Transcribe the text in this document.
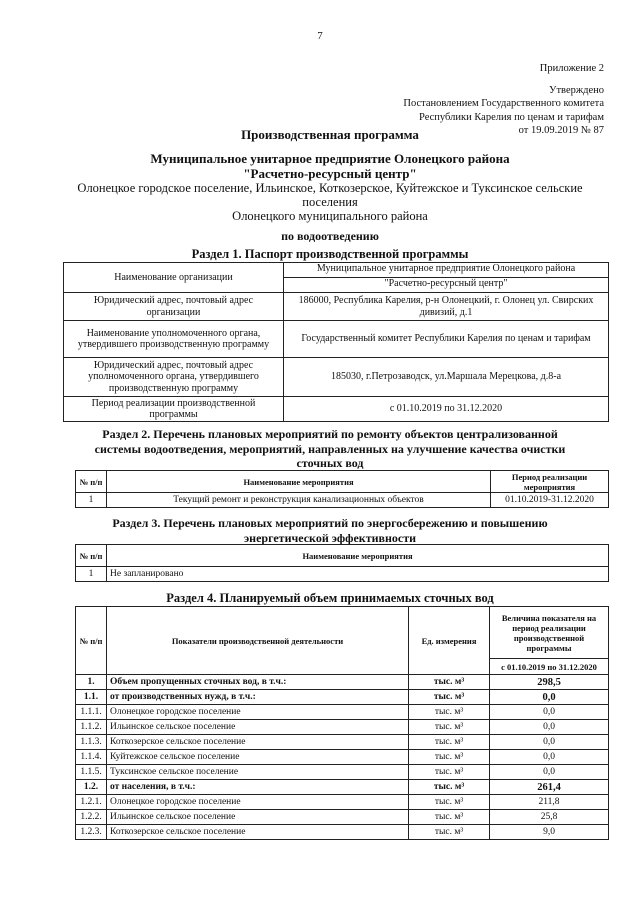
7
Приложение 2
Утверждено
Постановлением Государственного комитета
Республики Карелия по ценам и тарифам
от 19.09.2019 № 87
Производственная программа
Муниципальное унитарное предприятие Олонецкого района
"Расчетно-ресурсный центр"
Олонецкое городское поселение, Ильинское, Коткозерское, Куйтежское и Туксинское сельские
поселения
Олонецкого муниципального района
по водоотведению
Раздел 1. Паспорт производственной программы
Наименование организации	Муниципальное унитарное предприятие Олонецкого района
"Расчетно-ресурсный центр"

Юридический адрес, почтовый адрес организации	186000, Республика Карелия, р-н Олонецкий, г. Олонец ул. Свирских дивизий, д.1
Наименование уполномоченного органа, утвердившего производственную программу	Государственный комитет Республики Карелия по ценам и тарифам
Юридический адрес, почтовый адрес уполномоченного органа, утвердившего производственную программу	185030, г.Петрозаводск, ул.Маршала Мерецкова, д.8-а
Период реализации производственной программы	с 01.10.2019 по 31.12.2020
Раздел 2. Перечень плановых мероприятий по ремонту объектов централизованной
системы водоотведения, мероприятий, направленных на улучшение качества очистки
сточных вод
№ п/п	Наименование мероприятия	Период реализации мероприятия
1	Текущий ремонт и реконструкция канализационных объектов	01.10.2019-31.12.2020
Раздел 3. Перечень плановых мероприятий по энергосбережению и повышению
энергетической эффективности
№ п/п	Наименование мероприятия
1	Не запланировано
Раздел 4. Планируемый объем принимаемых сточных вод
№ п/п	Показатели производственной деятельности	Ед. измерения	Величина показателя на период реализации производственной программы
			с 01.10.2019 по 31.12.2020
1.	Объем пропущенных сточных вод, в т.ч.:	тыс. м³	298,5
1.1.	от производственных нужд, в т.ч.:	тыс. м³	0,0
1.1.1.	Олонецкое городское поселение	тыс. м³	0,0
1.1.2.	Ильинское сельское поселение	тыс. м³	0,0
1.1.3.	Коткозерское сельское поселение	тыс. м³	0,0
1.1.4.	Куйтежское сельское поселение	тыс. м³	0,0
1.1.5.	Туксинское сельское поселение	тыс. м³	0,0
1.2.	от населения, в т.ч.:	тыс. м³	261,4
1.2.1.	Олонецкое городское поселение	тыс. м³	211,8
1.2.2.	Ильинское сельское поселение	тыс. м³	25,8
1.2.3.	Коткозерское сельское поселение	тыс. м³	9,0
